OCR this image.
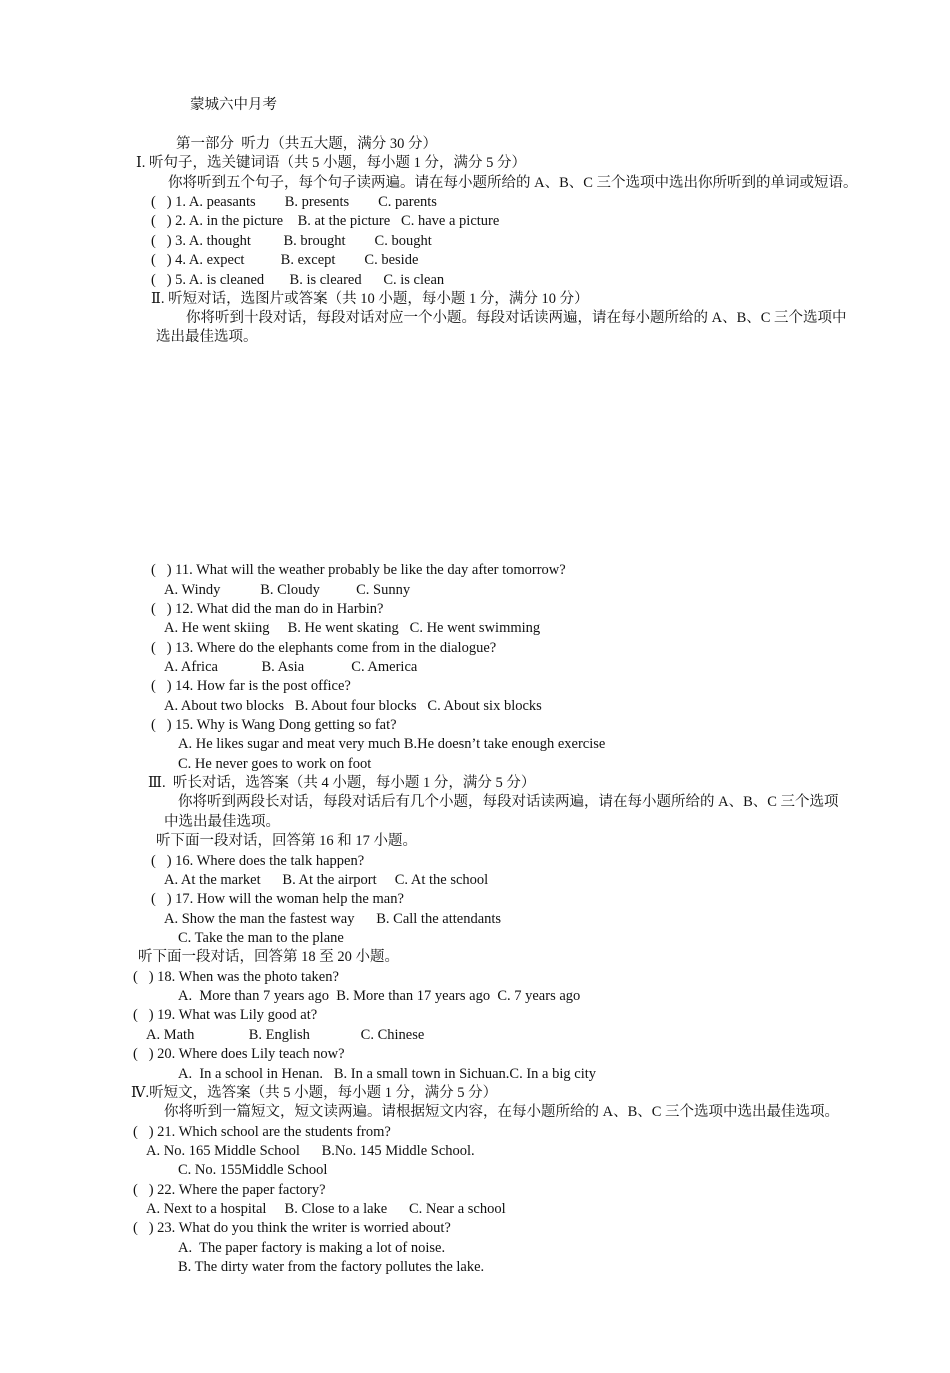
蒙城六中月考
第一部分  听力（共五大题，满分 30 分）
Ⅰ. 听句子，选关键词语（共 5 小题，每小题 1 分，满分 5 分）
你将听到五个句子，每个句子读两遍。请在每小题所给的 A、B、C 三个选项中选出你所听到的单词或短语。
(   ) 1. A. peasants        B. presents        C. parents
(   ) 2. A. in the picture    B. at the picture   C. have a picture
(   ) 3. A. thought         B. brought        C. bought
(   ) 4. A. expect          B. except        C. beside
(   ) 5. A. is cleaned       B. is cleared      C. is clean
Ⅱ. 听短对话，选图片或答案（共 10 小题，每小题 1 分，满分 10 分）
你将听到十段对话，每段对话对应一个小题。每段对话读两遍，请在每小题所给的 A、B、C 三个选项中
选出最佳选项。
(   ) 11. What will the weather probably be like the day after tomorrow?
A. Windy           B. Cloudy          C. Sunny
(   ) 12. What did the man do in Harbin?
A. He went skiing     B. He went skating   C. He went swimming
(   ) 13. Where do the elephants come from in the dialogue?
A. Africa            B. Asia             C. America
(   ) 14. How far is the post office?
A. About two blocks   B. About four blocks   C. About six blocks
(   ) 15. Why is Wang Dong getting so fat?
A. He likes sugar and meat very much B.He doesn’t take enough exercise
C. He never goes to work on foot
Ⅲ.  听长对话，选答案（共 4 小题，每小题 1 分，满分 5 分）
你将听到两段长对话，每段对话后有几个小题，每段对话读两遍，请在每小题所给的 A、B、C 三个选项
中选出最佳选项。
听下面一段对话，回答第 16 和 17 小题。
(   ) 16. Where does the talk happen?
A. At the market      B. At the airport     C. At the school
(   ) 17. How will the woman help the man?
A. Show the man the fastest way      B. Call the attendants
C. Take the man to the plane
听下面一段对话，回答第 18 至 20 小题。
(   ) 18. When was the photo taken?
A.  More than 7 years ago  B. More than 17 years ago  C. 7 years ago
(   ) 19. What was Lily good at?
A. Math               B. English              C. Chinese
(   ) 20. Where does Lily teach now?
A.  In a school in Henan.   B. In a small town in Sichuan.C. In a big city
Ⅳ.听短文，选答案（共 5 小题，每小题 1 分，满分 5 分）
你将听到一篇短文，短文读两遍。请根据短文内容，在每小题所给的 A、B、C 三个选项中选出最佳选项。
(   ) 21. Which school are the students from?
A. No. 165 Middle School      B.No. 145 Middle School.
C. No. 155Middle School
(   ) 22. Where the paper factory?
A. Next to a hospital     B. Close to a lake      C. Near a school
(   ) 23. What do you think the writer is worried about?
A.  The paper factory is making a lot of noise.
B. The dirty water from the factory pollutes the lake.
